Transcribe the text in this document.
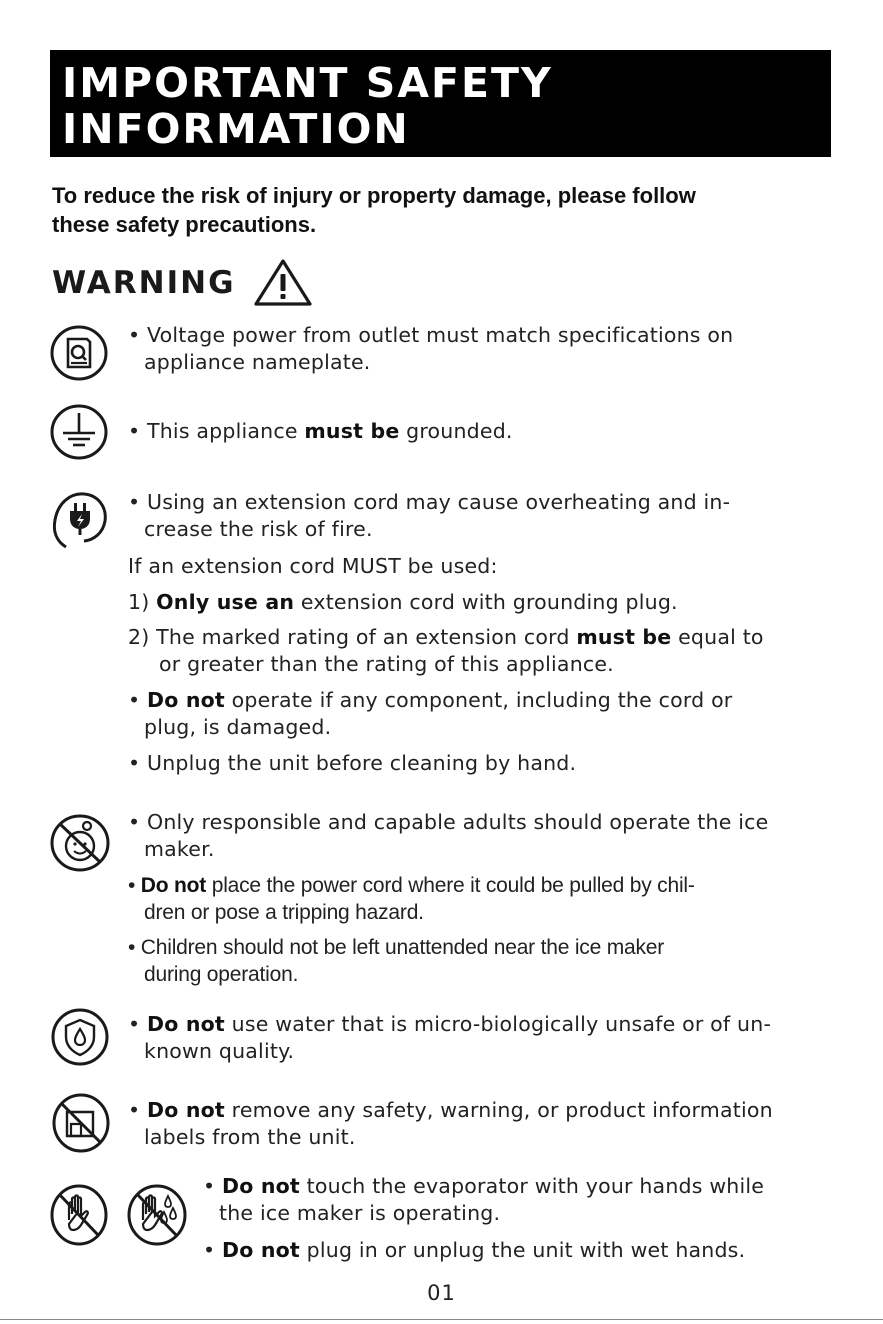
IMPORTANT SAFETY
INFORMATION
To reduce the risk of injury or property damage, please follow
these safety precautions.
WARNING
• Voltage power from outlet must match specifications on
appliance nameplate.
• This appliance must be grounded.
• Using an extension cord may cause overheating and in-
crease the risk of fire.
If an extension cord MUST be used:
1) Only use an extension cord with grounding plug.
2) The marked rating of an extension cord must be equal to
or greater than the rating of this appliance.
• Do not operate if any component, including the cord or
plug, is damaged.
• Unplug the unit before cleaning by hand.
• Only responsible and capable adults should operate the ice
maker.
• Do not place the power cord where it could be pulled by chil-
dren or pose a tripping hazard.
• Children should not be left unattended near the ice maker
during operation.
• Do not use water that is micro-biologically unsafe or of un-
known quality.
• Do not remove any safety, warning, or product information
labels from the unit.
• Do not touch the evaporator with your hands while
the ice maker is operating.
• Do not plug in or unplug the unit with wet hands.
01
